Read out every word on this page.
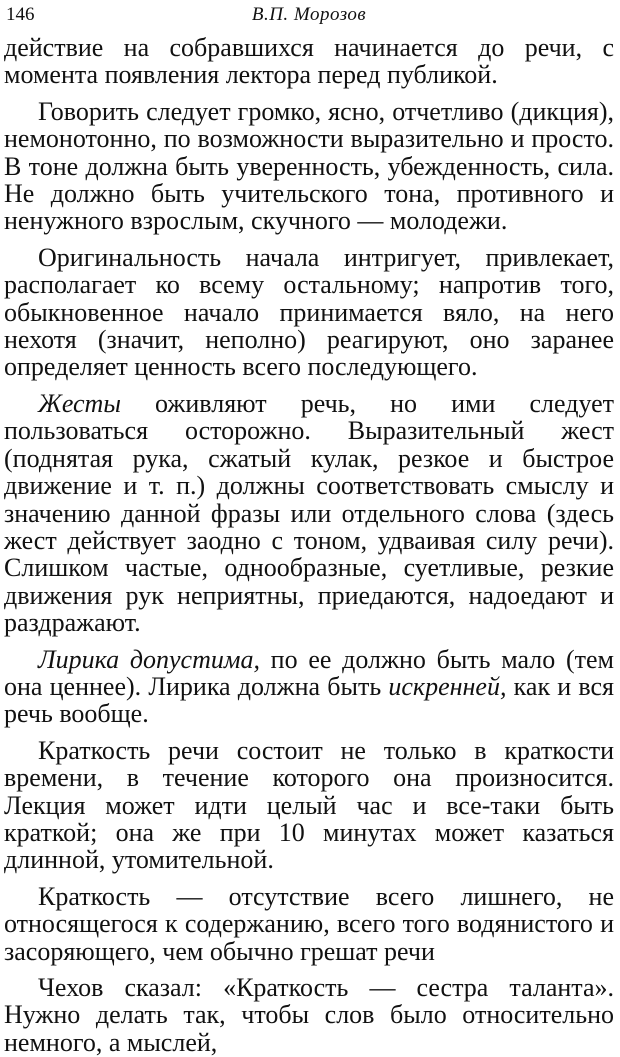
146	В.П. Морозов

действие на собравшихся начинается до речи, с момента появления лектора перед публикой.

Говорить следует громко, ясно, отчетливо (дикция), немонотонно, по возможности выразительно и просто. В тоне должна быть уверенность, убежденность, сила. Не должно быть учительского тона, противного и ненужного взрослым, скучного — молодежи.

Оригинальность начала интригует, привлекает, располагает ко всему остальному; напротив того, обыкновенное начало принимается вяло, на него нехотя (значит, неполно) реагируют, оно заранее определяет ценность всего последующего.

Жесты оживляют речь, но ими следует пользоваться осторожно. Выразительный жест (поднятая рука, сжатый кулак, резкое и быстрое движение и т. п.) должны соответствовать смыслу и значению данной фразы или отдельного слова (здесь жест действует заодно с тоном, удваивая силу речи). Слишком частые, однообразные, суетливые, резкие движения рук неприятны, приедаются, надоедают и раздражают.

Лирика допустима, по ее должно быть мало (тем она ценнее). Лирика должна быть искренней, как и вся речь вообще.

Краткость речи состоит не только в краткости времени, в течение которого она произносится. Лекция может идти целый час и все-таки быть краткой; она же при 10 минутах может казаться длинной, утомительной.

Краткость — отсутствие всего лишнего, не относящегося к содержанию, всего того водянистого и засоряющего, чем обычно грешат речи

Чехов сказал: «Краткость — сестра таланта». Нужно делать так, чтобы слов было относительно немного, а мыслей,
